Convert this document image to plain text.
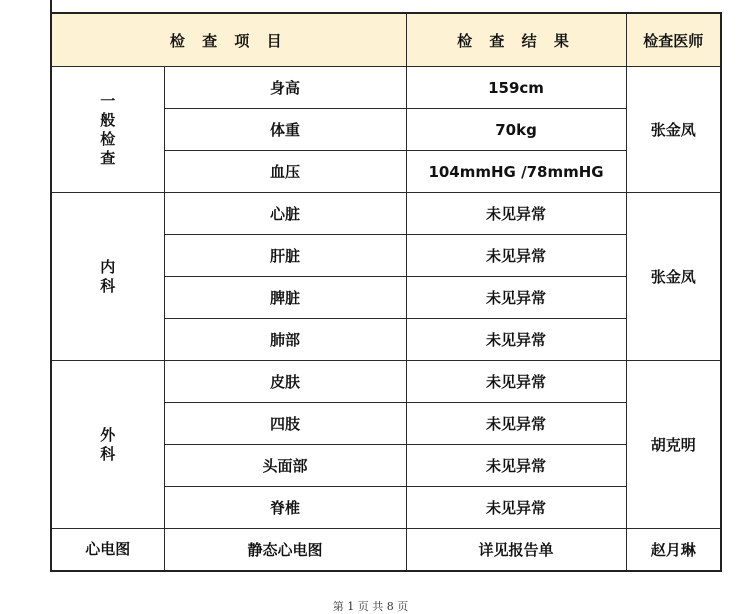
检 查 项 目		检 查 结 果	检查医师

一
般
检
查	身高	159cm	张金凤
	体重	70kg	
	血压	104mmHG /78mmHG	

内
科	心脏	未见异常	张金凤
	肝脏	未见异常	
	脾脏	未见异常	
	肺部	未见异常	

外
科	皮肤	未见异常	胡克明
	四肢	未见异常	
	头面部	未见异常	
	脊椎	未见异常	
心电图	静态心电图	详见报告单	赵月琳
第 1 页 共 8 页
